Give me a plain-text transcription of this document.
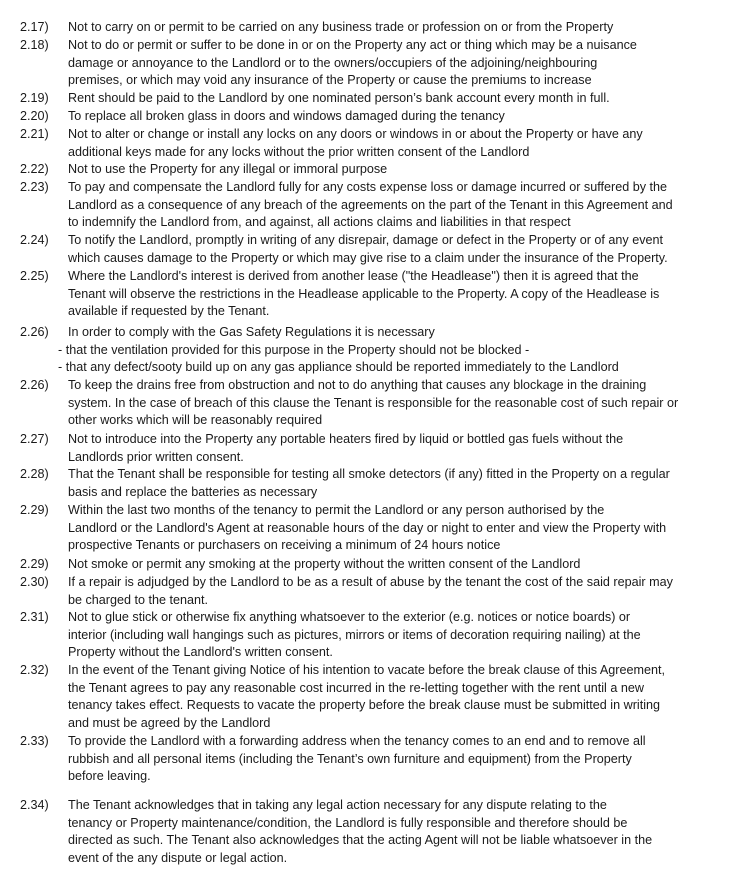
2.17) Not to carry on or permit to be carried on any business trade or profession on or from the Property
2.18) Not to do or permit or suffer to be done in or on the Property any act or thing which may be a nuisance
damage or annoyance to the Landlord or to the owners/occupiers of the adjoining/neighbouring
premises, or which may void any insurance of the Property or cause the premiums to increase
2.19) Rent should be paid to the Landlord by one nominated person’s bank account every month in full.
2.20) To replace all broken glass in doors and windows damaged during the tenancy
2.21) Not to alter or change or install any locks on any doors or windows in or about the Property or have any
additional keys made for any locks without the prior written consent of the Landlord
2.22) Not to use the Property for any illegal or immoral purpose
2.23) To pay and compensate the Landlord fully for any costs expense loss or damage incurred or suffered by the
Landlord as a consequence of any breach of the agreements on the part of the Tenant in this Agreement and
to indemnify the Landlord from, and against, all actions claims and liabilities in that respect
2.24) To notify the Landlord, promptly in writing of any disrepair, damage or defect in the Property or of any event
which causes damage to the Property or which may give rise to a claim under the insurance of the Property.
2.25) Where the Landlord's interest is derived from another lease ("the Headlease") then it is agreed that the
Tenant will observe the restrictions in the Headlease applicable to the Property. A copy of the Headlease is
available if requested by the Tenant.
2.26) In order to comply with the Gas Safety Regulations it is necessary
- that the ventilation provided for this purpose in the Property should not be blocked -
- that any defect/sooty build up on any gas appliance should be reported immediately to the Landlord
2.26) To keep the drains free from obstruction and not to do anything that causes any blockage in the draining
system. In the case of breach of this clause the Tenant is responsible for the reasonable cost of such repair or
other works which will be reasonably required
2.27) Not to introduce into the Property any portable heaters fired by liquid or bottled gas fuels without the
Landlords prior written consent.
2.28) That the Tenant shall be responsible for testing all smoke detectors (if any) fitted in the Property on a regular
basis and replace the batteries as necessary
2.29) Within the last two months of the tenancy to permit the Landlord or any person authorised by the
Landlord or the Landlord's Agent at reasonable hours of the day or night to enter and view the Property with
prospective Tenants or purchasers on receiving a minimum of 24 hours notice
2.29) Not smoke or permit any smoking at the property without the written consent of the Landlord
2.30) If a repair is adjudged by the Landlord to be as a result of abuse by the tenant the cost of the said repair may
be charged to the tenant.
2.31) Not to glue stick or otherwise fix anything whatsoever to the exterior (e.g. notices or notice boards) or
interior (including wall hangings such as pictures, mirrors or items of decoration requiring nailing) at the
Property without the Landlord's written consent.
2.32) In the event of the Tenant giving Notice of his intention to vacate before the break clause of this Agreement,
the Tenant agrees to pay any reasonable cost incurred in the re-letting together with the rent until a new
tenancy takes effect. Requests to vacate the property before the break clause must be submitted in writing
and must be agreed by the Landlord
2.33) To provide the Landlord with a forwarding address when the tenancy comes to an end and to remove all
rubbish and all personal items (including the Tenant’s own furniture and equipment) from the Property
before leaving.
2.34) The Tenant acknowledges that in taking any legal action necessary for any dispute relating to the
tenancy or Property maintenance/condition, the Landlord is fully responsible and therefore should be
directed as such. The Tenant also acknowledges that the acting Agent will not be liable whatsoever in the
event of the any dispute or legal action.
